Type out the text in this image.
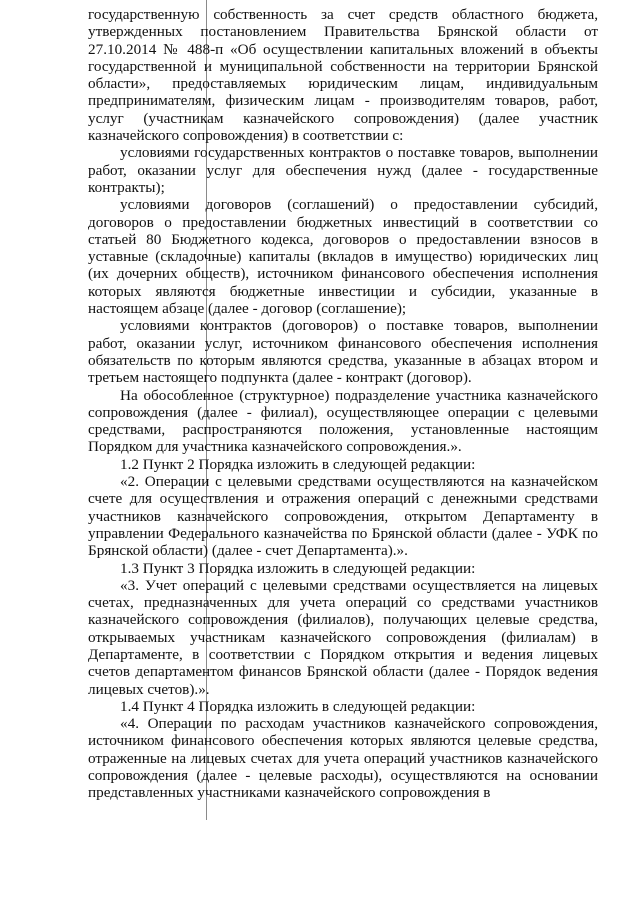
государственную собственность за счет средств областного бюджета, утвержденных постановлением Правительства Брянской области от 27.10.2014 № 488-п «Об осуществлении капитальных вложений в объекты государственной и муниципальной собственности на территории Брянской области», предоставляемых юридическим лицам, индивидуальным предпринимателям, физическим лицам - производителям товаров, работ, услуг (участникам казначейского сопровождения) (далее участник казначейского сопровождения) в соответствии с:

условиями государственных контрактов о поставке товаров, выполнении работ, оказании услуг для обеспечения нужд (далее - государственные контракты);

условиями договоров (соглашений) о предоставлении субсидий, договоров о предоставлении бюджетных инвестиций в соответствии со статьей 80 Бюджетного кодекса, договоров о предоставлении взносов в уставные (складочные) капиталы (вкладов в имущество) юридических лиц (их дочерних обществ), источником финансового обеспечения исполнения которых являются бюджетные инвестиции и субсидии, указанные в настоящем абзаце (далее - договор (соглашение);

условиями контрактов (договоров) о поставке товаров, выполнении работ, оказании услуг, источником финансового обеспечения исполнения обязательств по которым являются средства, указанные в абзацах втором и третьем настоящего подпункта (далее - контракт (договор).

На обособленное (структурное) подразделение участника казначейского сопровождения (далее - филиал), осуществляющее операции с целевыми средствами, распространяются положения, установленные настоящим Порядком для участника казначейского сопровождения.».

1.2 Пункт 2 Порядка изложить в следующей редакции:

«2. Операции с целевыми средствами осуществляются на казначейском счете для осуществления и отражения операций с денежными средствами участников казначейского сопровождения, открытом Департаменту в управлении Федерального казначейства по Брянской области (далее - УФК по Брянской области) (далее - счет Департамента).».

1.3 Пункт 3 Порядка изложить в следующей редакции:

«3. Учет операций с целевыми средствами осуществляется на лицевых счетах, предназначенных для учета операций со средствами участников казначейского сопровождения (филиалов), получающих целевые средства, открываемых участникам казначейского сопровождения (филиалам) в Департаменте, в соответствии с Порядком открытия и ведения лицевых счетов департаментом финансов Брянской области (далее - Порядок ведения лицевых счетов).».

1.4 Пункт 4 Порядка изложить в следующей редакции:

«4. Операции по расходам участников казначейского сопровождения, источником финансового обеспечения которых являются целевые средства, отраженные на лицевых счетах для учета операций участников казначейского сопровождения (далее - целевые расходы), осуществляются на основании представленных участниками казначейского сопровождения в
